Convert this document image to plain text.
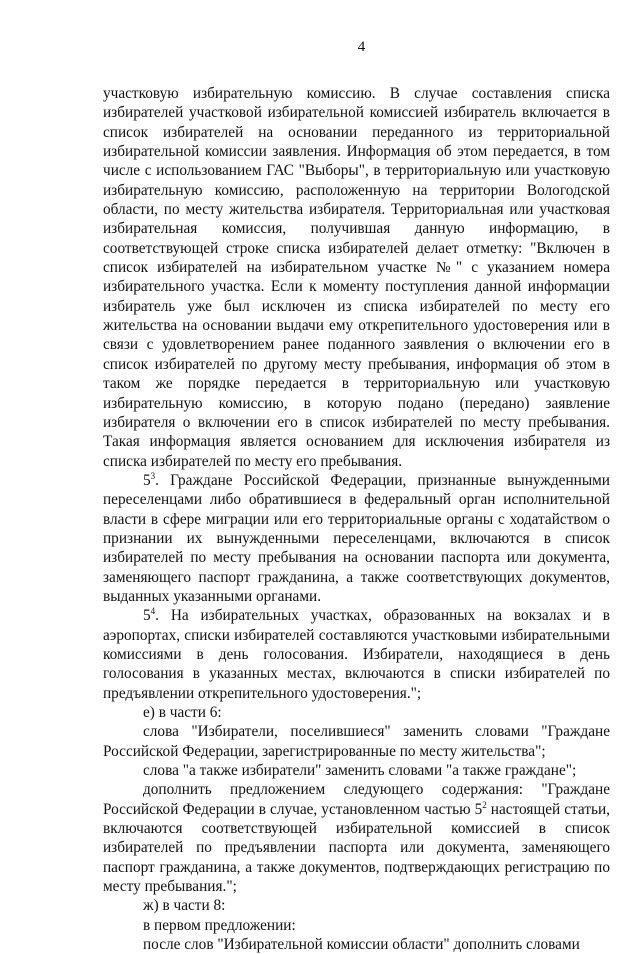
4

участковую избирательную комиссию. В случае составления списка избирателей участковой избирательной комиссией избиратель включается в список избирателей на основании переданного из территориальной избирательной комиссии заявления. Информация об этом передается, в том числе с использованием ГАС "Выборы", в территориальную или участковую избирательную комиссию, расположенную на территории Вологодской области, по месту жительства избирателя. Территориальная или участковая избирательная комиссия, получившая данную информацию, в соответствующей строке списка избирателей делает отметку: "Включен в список избирателей на избирательном участке №" с указанием номера избирательного участка. Если к моменту поступления данной информации избиратель уже был исключен из списка избирателей по месту его жительства на основании выдачи ему открепительного удостоверения или в связи с удовлетворением ранее поданного заявления о включении его в список избирателей по другому месту пребывания, информация об этом в таком же порядке передается в территориальную или участковую избирательную комиссию, в которую подано (передано) заявление избирателя о включении его в список избирателей по месту пребывания. Такая информация является основанием для исключения избирателя из списка избирателей по месту его пребывания.

$5^3$. Граждане Российской Федерации, признанные вынужденными переселенцами либо обратившиеся в федеральный орган исполнительной власти в сфере миграции или его территориальные органы с ходатайством о признании их вынужденными переселенцами, включаются в список избирателей по месту пребывания на основании паспорта или документа, заменяющего паспорт гражданина, а также соответствующих документов, выданных указанными органами.

$5^4$. На избирательных участках, образованных на вокзалах и в аэропортах, списки избирателей составляются участковыми избирательными комиссиями в день голосования. Избиратели, находящиеся в день голосования в указанных местах, включаются в списки избирателей по предъявлении открепительного удостоверения.";

е) в части 6:

слова "Избиратели, поселившиеся" заменить словами "Граждане Российской Федерации, зарегистрированные по месту жительства";

слова "а также избиратели" заменить словами "а также граждане";

дополнить предложением следующего содержания: "Граждане Российской Федерации в случае, установленном частью $5^2$ настоящей статьи, включаются соответствующей избирательной комиссией в список избирателей по предъявлении паспорта или документа, заменяющего паспорт гражданина, а также документов, подтверждающих регистрацию по месту пребывания.";

ж) в части 8:

в первом предложении:

после слов "Избирательной комиссии области" дополнить словами
